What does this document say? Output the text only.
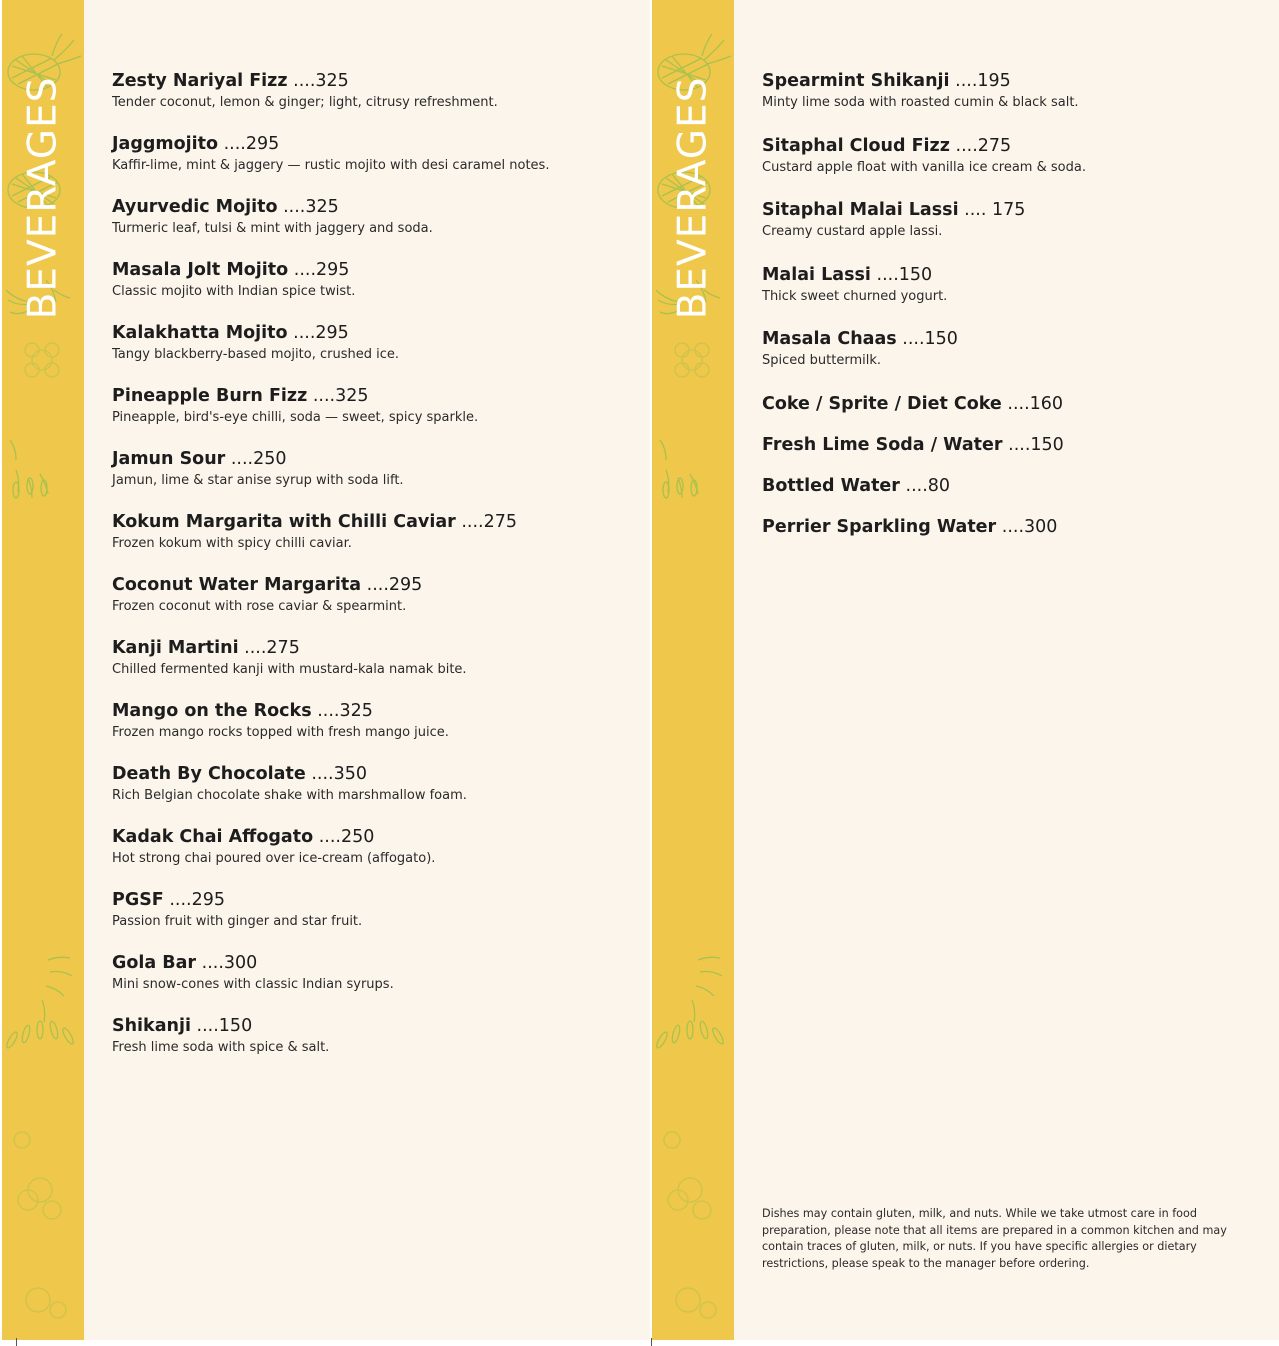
BEVERAGES	Zesty Nariyal Fizz ....325
Tender coconut, lemon & ginger; light, citrusy refreshment.
Jaggmojito ....295
Kaffir-lime, mint & jaggery — rustic mojito with desi caramel notes.
Ayurvedic Mojito ....325
Turmeric leaf, tulsi & mint with jaggery and soda.
Masala Jolt Mojito ....295
Classic mojito with Indian spice twist.
Kalakhatta Mojito ....295
Tangy blackberry-based mojito, crushed ice.
Pineapple Burn Fizz ....325
Pineapple, bird's-eye chilli, soda — sweet, spicy sparkle.
Jamun Sour ....250
Jamun, lime & star anise syrup with soda lift.
Kokum Margarita with Chilli Caviar ....275
Frozen kokum with spicy chilli caviar.
Coconut Water Margarita ....295
Frozen coconut with rose caviar & spearmint.
Kanji Martini ....275
Chilled fermented kanji with mustard-kala namak bite.
Mango on the Rocks ....325
Frozen mango rocks topped with fresh mango juice.
Death By Chocolate ....350
Rich Belgian chocolate shake with marshmallow foam.
Kadak Chai Affogato ....250
Hot strong chai poured over ice-cream (affogato).
PGSF ....295
Passion fruit with ginger and star fruit.
Gola Bar ....300
Mini snow-cones with classic Indian syrups.
Shikanji ....150
Fresh lime soda with spice & salt.
BEVERAGES	Spearmint Shikanji ....195
Minty lime soda with roasted cumin & black salt.
Sitaphal Cloud Fizz ....275
Custard apple float with vanilla ice cream & soda.
Sitaphal Malai Lassi .... 175
Creamy custard apple lassi.
Malai Lassi ....150
Thick sweet churned yogurt.
Masala Chaas ....150
Spiced buttermilk.
Coke / Sprite / Diet Coke ....160
Fresh Lime Soda / Water ....150
Bottled Water ....80
Perrier Sparkling Water ....300
Dishes may contain gluten, milk, and nuts. While we take utmost care in food preparation, please note that all items are prepared in a common kitchen and may contain traces of gluten, milk, or nuts. If you have specific allergies or dietary restrictions, please speak to the manager before ordering.
